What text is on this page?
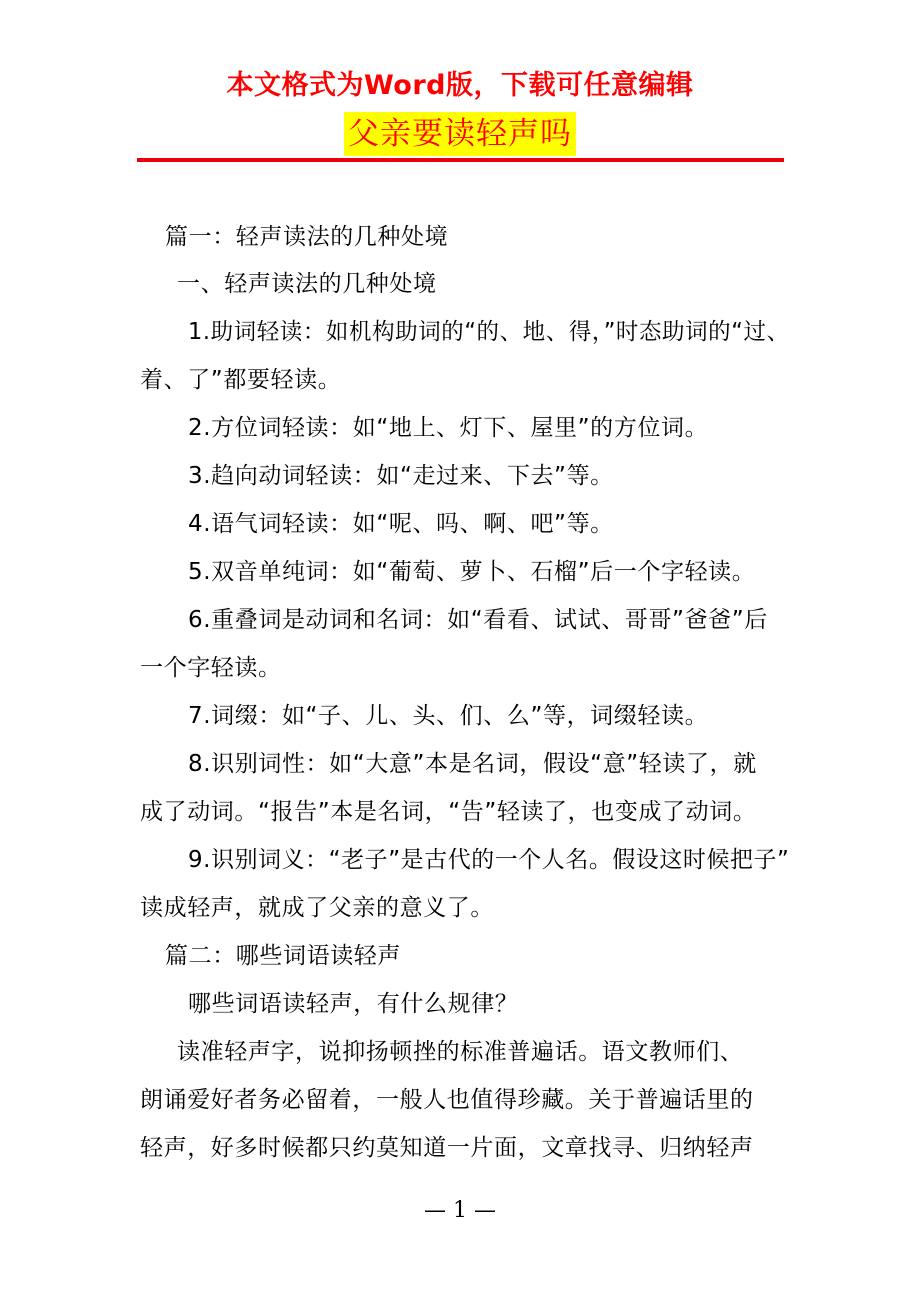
本文格式为Word版，下载可任意编辑
父亲要读轻声吗
篇一：轻声读法的几种处境
一、轻声读法的几种处境
1.助词轻读：如机构助词的“的、地、得，”时态助词的“过、
着、了”都要轻读。
2.方位词轻读：如“地上、灯下、屋里”的方位词。
3.趋向动词轻读：如“走过来、下去”等。
4.语气词轻读：如“呢、吗、啊、吧”等。
5.双音单纯词：如“葡萄、萝卜、石榴”后一个字轻读。
6.重叠词是动词和名词：如“看看、试试、哥哥”爸爸”后
一个字轻读。
7.词缀：如“子、儿、头、们、么”等，词缀轻读。
8.识别词性：如“大意”本是名词，假设“意”轻读了，就
成了动词。“报告”本是名词，“告”轻读了，也变成了动词。
9.识别词义：“老子”是古代的一个人名。假设这时候把子”
读成轻声，就成了父亲的意义了。
篇二：哪些词语读轻声
哪些词语读轻声，有什么规律？
读准轻声字，说抑扬顿挫的标准普遍话。语文教师们、
朗诵爱好者务必留着，一般人也值得珍藏。关于普遍话里的
轻声，好多时候都只约莫知道一片面，文章找寻、归纳轻声
— 1 —
